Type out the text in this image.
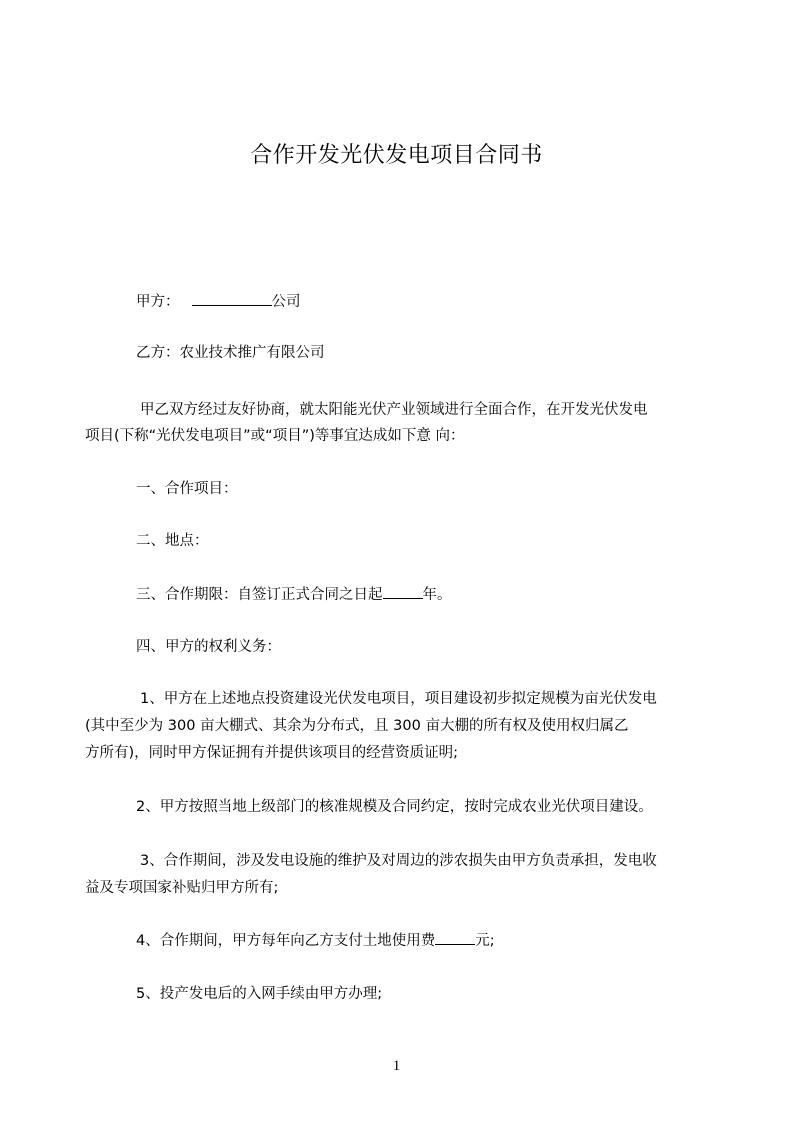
合作开发光伏发电项目合同书
甲方：	公司
乙方：农业技术推广有限公司
甲乙双方经过友好协商，就太阳能光伏产业领域进行全面合作，在开发光伏发电
项目(下称“光伏发电项目”或“项目”)等事宜达成如下意 向：
一、合作项目：
二、地点：
三、合作期限：自签订正式合同之日起	年。
四、甲方的权利义务：
1、甲方在上述地点投资建设光伏发电项目，项目建设初步拟定规模为亩光伏发电
(其中至少为 300 亩大棚式、其余为分布式，且 300 亩大棚的所有权及使用权归属乙
方所有)，同时甲方保证拥有并提供该项目的经营资质证明;
2、甲方按照当地上级部门的核准规模及合同约定，按时完成农业光伏项目建设。
3、合作期间，涉及发电设施的维护及对周边的涉农损失由甲方负责承担，发电收
益及专项国家补贴归甲方所有;
4、合作期间，甲方每年向乙方支付土地使用费	元;
5、投产发电后的入网手续由甲方办理;
1
